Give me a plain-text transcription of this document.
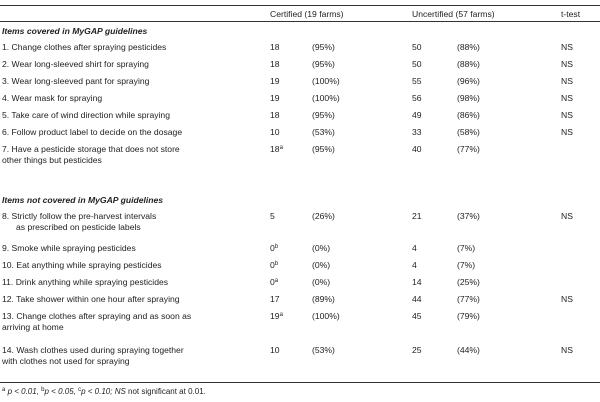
Certified (19 farms)	Uncertified (57 farms)	t-test
Items covered in MyGAP guidelines
1. Change clothes after spraying pesticides	18	(95%)	50	(88%)	NS
2. Wear long-sleeved shirt for spraying	18	(95%)	50	(88%)	NS
3. Wear long-sleeved pant for spraying	19	(100%)	55	(96%)	NS
4. Wear mask for spraying	19	(100%)	56	(98%)	NS
5. Take care of wind direction while spraying	18	(95%)	49	(86%)	NS
6. Follow product label to decide on the dosage	10	(53%)	33	(58%)	NS
7. Have a pesticide storage that does not store	18$^a$	(95%)	40	(77%)
other things but pesticides
Items not covered in MyGAP guidelines
8. Strictly follow the pre-harvest intervals	5	(26%)	21	(37%)	NS
as prescribed on pesticide labels
9. Smoke while spraying pesticides	0$^b$	(0%)	4	(7%)
10. Eat anything while spraying pesticides	0$^b$	(0%)	4	(7%)
11. Drink anything while spraying pesticides	0$^a$	(0%)	14	(25%)
12. Take shower within one hour after spraying	17	(89%)	44	(77%)	NS
13. Change clothes after spraying and as soon as	19$^a$	(100%)	45	(79%)
arriving at home
14. Wash clothes used during spraying together	10	(53%)	25	(44%)	NS
with clothes not used for spraying
$^a$ p < 0.01, $^b$p < 0.05, $^c$p < 0.10; NS not significant at 0.01.
